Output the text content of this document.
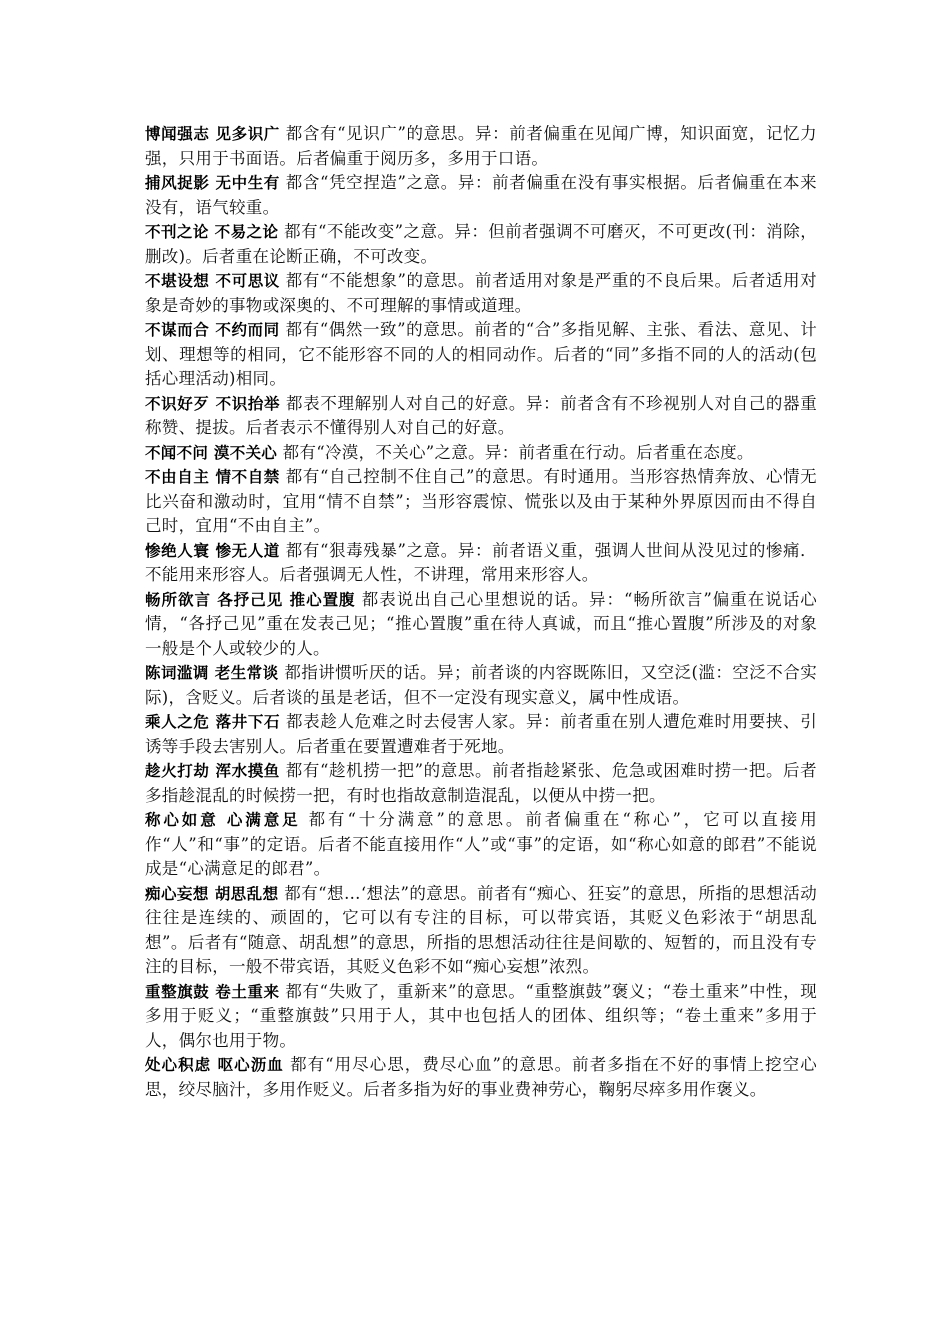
博闻强志 见多识广 都含有“见识广”的意思。异：前者偏重在见闻广博，知识面宽，记忆力强，只用于书面语。后者偏重于阅历多，多用于口语。

捕风捉影 无中生有 都含“凭空捏造”之意。异：前者偏重在没有事实根据。后者偏重在本来没有，语气较重。

不刊之论 不易之论 都有“不能改变”之意。异：但前者强调不可磨灭，不可更改(刊：消除，删改)。后者重在论断正确，不可改变。

不堪设想 不可思议 都有“不能想象”的意思。前者适用对象是严重的不良后果。后者适用对象是奇妙的事物或深奥的、不可理解的事情或道理。

不谋而合 不约而同 都有“偶然一致”的意思。前者的“合”多指见解、主张、看法、意见、计划、理想等的相同，它不能形容不同的人的相同动作。后者的“同”多指不同的人的活动(包括心理活动)相同。

不识好歹 不识抬举 都表不理解别人对自己的好意。异：前者含有不珍视别人对自己的器重称赞、提拔。后者表示不懂得别人对自己的好意。

不闻不问 漠不关心 都有“冷漠，不关心”之意。异：前者重在行动。后者重在态度。

不由自主 情不自禁 都有“自己控制不住自己”的意思。有时通用。当形容热情奔放、心情无比兴奋和激动时，宜用“情不自禁”；当形容震惊、慌张以及由于某种外界原因而由不得自己时，宜用“不由自主”。

惨绝人寰 惨无人道 都有“狠毒残暴”之意。异：前者语义重，强调人世间从没见过的惨痛．不能用来形容人。后者强调无人性，不讲理，常用来形容人。

畅所欲言 各抒己见 推心置腹 都表说出自己心里想说的话。异：“畅所欲言”偏重在说话心情，“各抒己见”重在发表己见；“推心置腹”重在待人真诚，而且“推心置腹”所涉及的对象一般是个人或较少的人。

陈词滥调 老生常谈 都指讲惯听厌的话。异；前者谈的内容既陈旧，又空泛(滥：空泛不合实际)，含贬义。后者谈的虽是老话，但不一定没有现实意义，属中性成语。

乘人之危 落井下石 都表趁人危难之时去侵害人家。异：前者重在别人遭危难时用要挟、引诱等手段去害别人。后者重在要置遭难者于死地。

趁火打劫 浑水摸鱼 都有“趁机捞一把”的意思。前者指趁紧张、危急或困难时捞一把。后者多指趁混乱的时候捞一把，有时也指故意制造混乱，以便从中捞一把。

称心如意 心满意足 都有“十分满意”的意思。前者偏重在“称心”，它可以直接用作“人”和“事”的定语。后者不能直接用作“人”或“事”的定语，如“称心如意的郎君”不能说成是“心满意足的郎君”。

痴心妄想 胡思乱想 都有“想…‘想法”的意思。前者有“痴心、狂妄”的意思，所指的思想活动往往是连续的、顽固的，它可以有专注的目标，可以带宾语，其贬义色彩浓于“胡思乱想”。后者有“随意、胡乱想”的意思，所指的思想活动往往是间歇的、短暂的，而且没有专注的目标，一般不带宾语，其贬义色彩不如“痴心妄想”浓烈。

重整旗鼓 卷土重来 都有“失败了，重新来”的意思。“重整旗鼓”褒义；“卷土重来”中性，现多用于贬义；“重整旗鼓”只用于人，其中也包括人的团体、组织等；“卷土重来”多用于人，偶尔也用于物。

处心积虑 呕心沥血 都有“用尽心思，费尽心血”的意思。前者多指在不好的事情上挖空心思，绞尽脑汁，多用作贬义。后者多指为好的事业费神劳心，鞠躬尽瘁多用作褒义。
